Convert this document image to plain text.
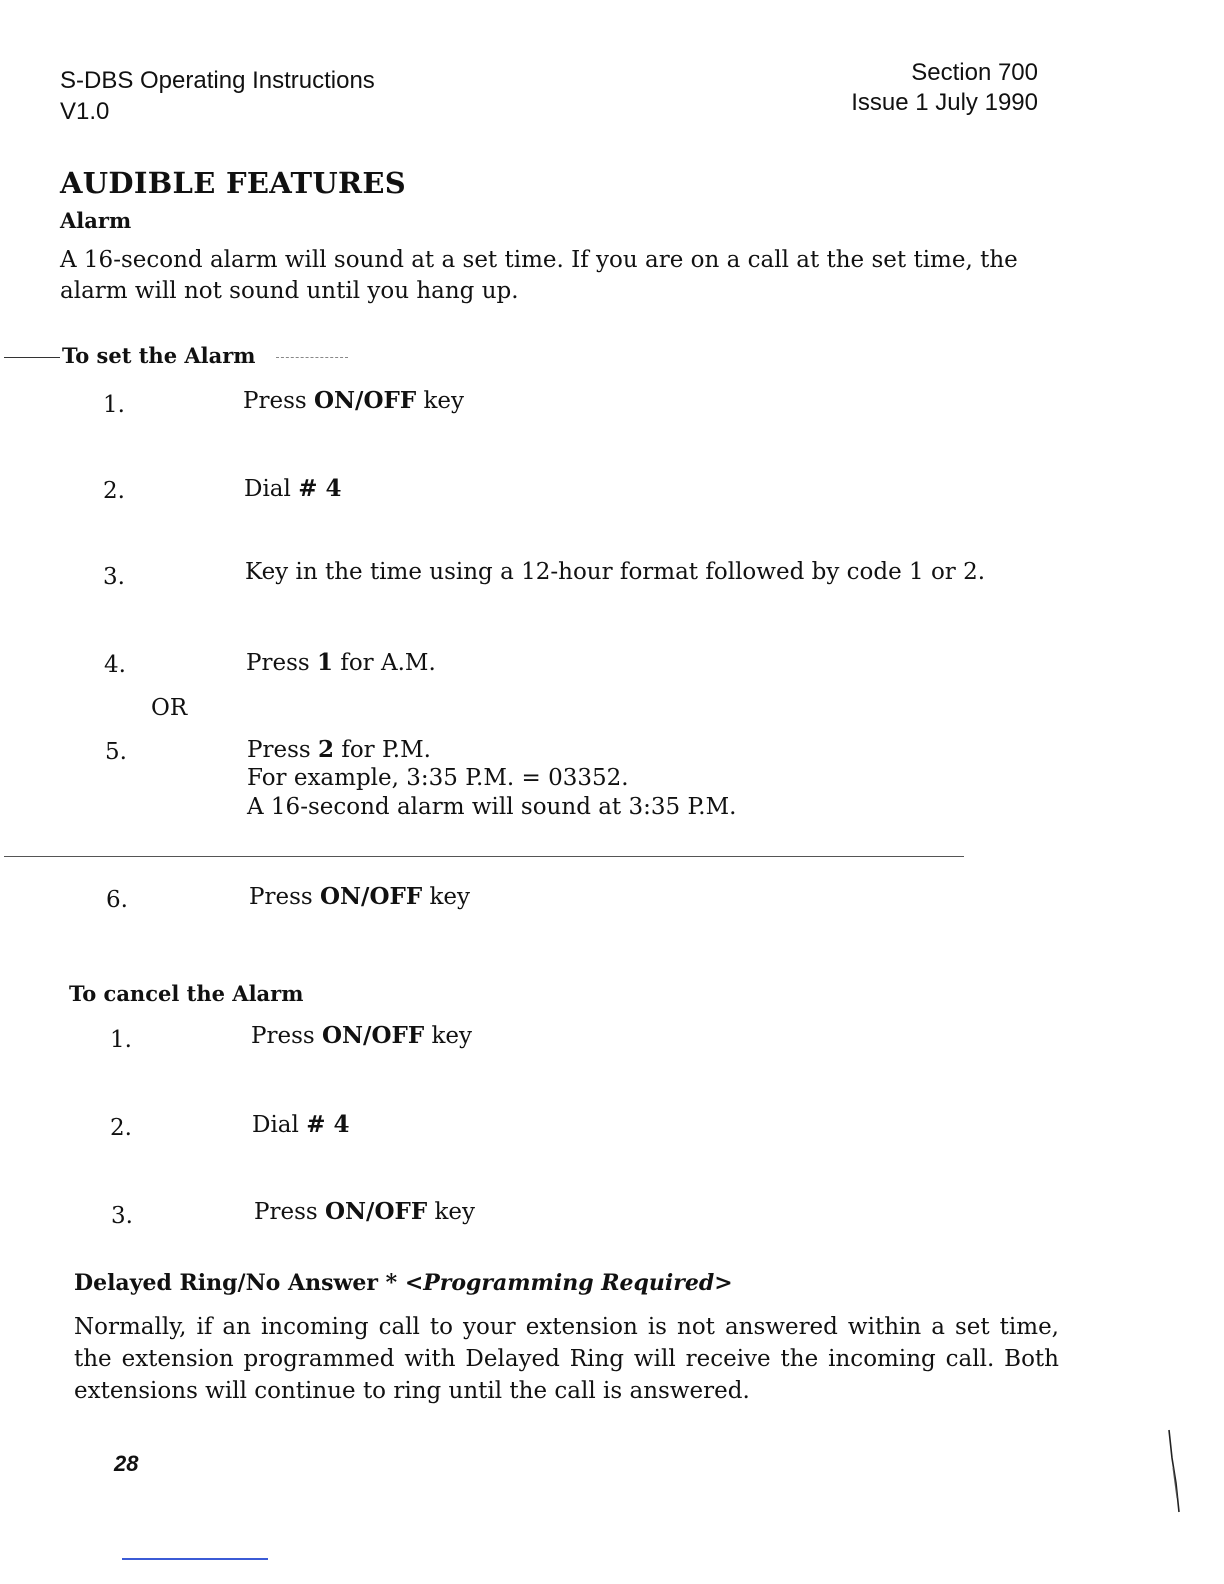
S-DBS Operating Instructions
V1.0
Section 700
Issue 1 July 1990
AUDIBLE FEATURES
Alarm
A 16-second alarm will sound at a set time. If you are on a call at the set time, the
alarm will not sound until you hang up.
To set the Alarm
1.	Press ON/OFF key
2.	Dial # 4
3.	Key in the time using a 12-hour format followed by code 1 or 2.
4.	Press 1 for A.M.
OR
5.	Press 2 for P.M.
For example, 3:35 P.M. = 03352.
A 16-second alarm will sound at 3:35 P.M.
6.	Press ON/OFF key
To cancel the Alarm
1.	Press ON/OFF key
2.	Dial # 4
3.	Press ON/OFF key
Delayed Ring/No Answer * <Programming Required>
Normally, if an incoming call to your extension is not answered within a set time, the extension programmed with Delayed Ring will receive the incoming call. Both extensions will continue to ring until the call is answered.
28
